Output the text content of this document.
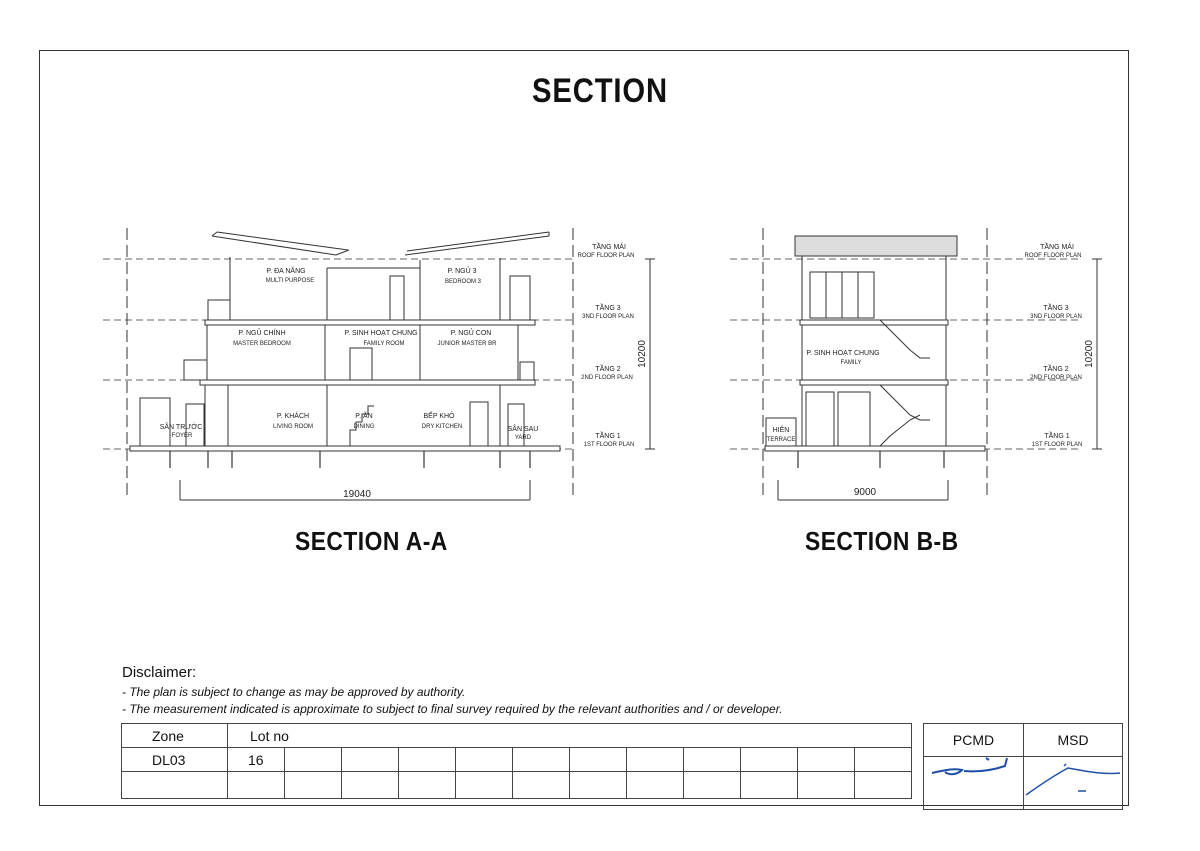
SECTION
P. ĐA NĂNG
MULTI PURPOSE
P. NGỦ 3
BEDROOM 3
P. NGỦ CHÍNH
MASTER BEDROOM
P. SINH HOẠT CHUNG
FAMILY ROOM
P. NGỦ CON
JUNIOR MASTER BR
SÂN TRƯỚC
FOYER
P. KHÁCH
LIVING ROOM
P. ĂN
DINING
BẾP KHÔ
DRY KITCHEN	SÂN SAU
YARD
TẦNG MÁI
ROOF FLOOR PLAN
TẦNG 3
3ND FLOOR PLAN
TẦNG 2
2ND FLOOR PLAN
TẦNG 1
1ST FLOOR PLAN
19040
10200	P. SINH HOẠT CHUNG
FAMILY
HIÊN
TERRACE
TẦNG MÁI
ROOF FLOOR PLAN
TẦNG 3
3ND FLOOR PLAN
TẦNG 2
2ND FLOOR PLAN
TẦNG 1
1ST FLOOR PLAN
9000
10200
SECTION A-A	SECTION B-B
Disclaimer:
- The plan is subject to change as may be approved by authority.
- The measurement indicated is approximate to subject to final survey required by the relevant authorities and / or developer.
Zone	Lot no											
DL03	16											

PCMD	MSD
